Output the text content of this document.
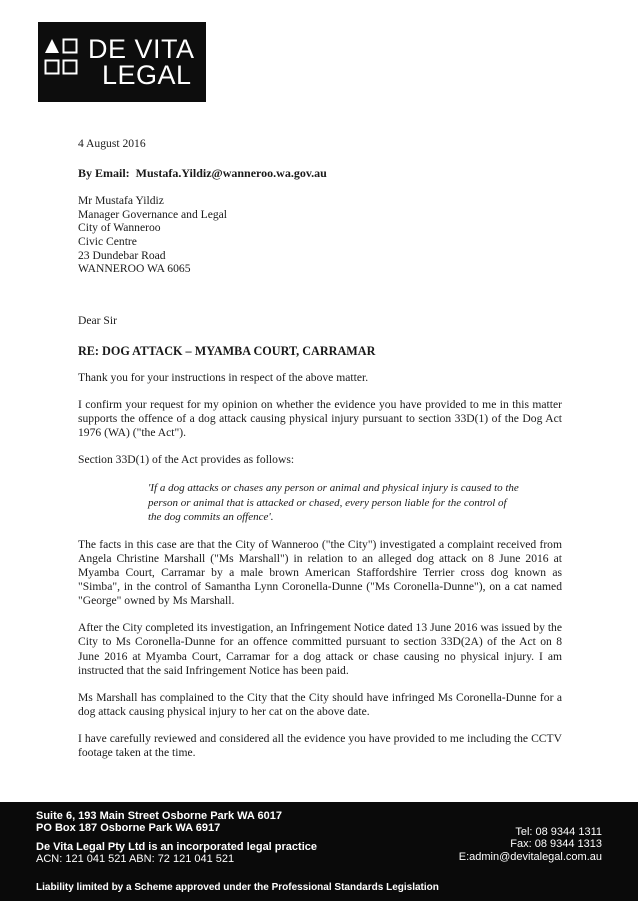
DE VITA
LEGAL

4 August 2016

By Email: Mustafa.Yildiz@wanneroo.wa.gov.au

Mr Mustafa Yildiz
Manager Governance and Legal
City of Wanneroo
Civic Centre
23 Dundebar Road
WANNEROO WA 6065

Dear Sir

RE: DOG ATTACK – MYAMBA COURT, CARRAMAR

Thank you for your instructions in respect of the above matter.

I confirm your request for my opinion on whether the evidence you have provided to me in this matter supports the offence of a dog attack causing physical injury pursuant to section 33D(1) of the Dog Act 1976 (WA) ("the Act").

Section 33D(1) of the Act provides as follows:

'If a dog attacks or chases any person or animal and physical injury is caused to the person or animal that is attacked or chased, every person liable for the control of the dog commits an offence'.

The facts in this case are that the City of Wanneroo ("the City") investigated a complaint received from Angela Christine Marshall ("Ms Marshall") in relation to an alleged dog attack on 8 June 2016 at Myamba Court, Carramar by a male brown American Staffordshire Terrier cross dog known as "Simba", in the control of Samantha Lynn Coronella-Dunne ("Ms Coronella-Dunne"), on a cat named "George" owned by Ms Marshall.

After the City completed its investigation, an Infringement Notice dated 13 June 2016 was issued by the City to Ms Coronella-Dunne for an offence committed pursuant to section 33D(2A) of the Act on 8 June 2016 at Myamba Court, Carramar for a dog attack or chase causing no physical injury. I am instructed that the said Infringement Notice has been paid.

Ms Marshall has complained to the City that the City should have infringed Ms Coronella-Dunne for a dog attack causing physical injury to her cat on the above date.

I have carefully reviewed and considered all the evidence you have provided to me including the CCTV footage taken at the time.

Suite 6, 193 Main Street Osborne Park WA 6017
PO Box 187 Osborne Park WA 6917
De Vita Legal Pty Ltd is an incorporated legal practice
ACN: 121 041 521 ABN: 72 121 041 521
Tel: 08 9344 1311
Fax: 08 9344 1313
E:admin@devitalegal.com.au
Liability limited by a Scheme approved under the Professional Standards Legislation
